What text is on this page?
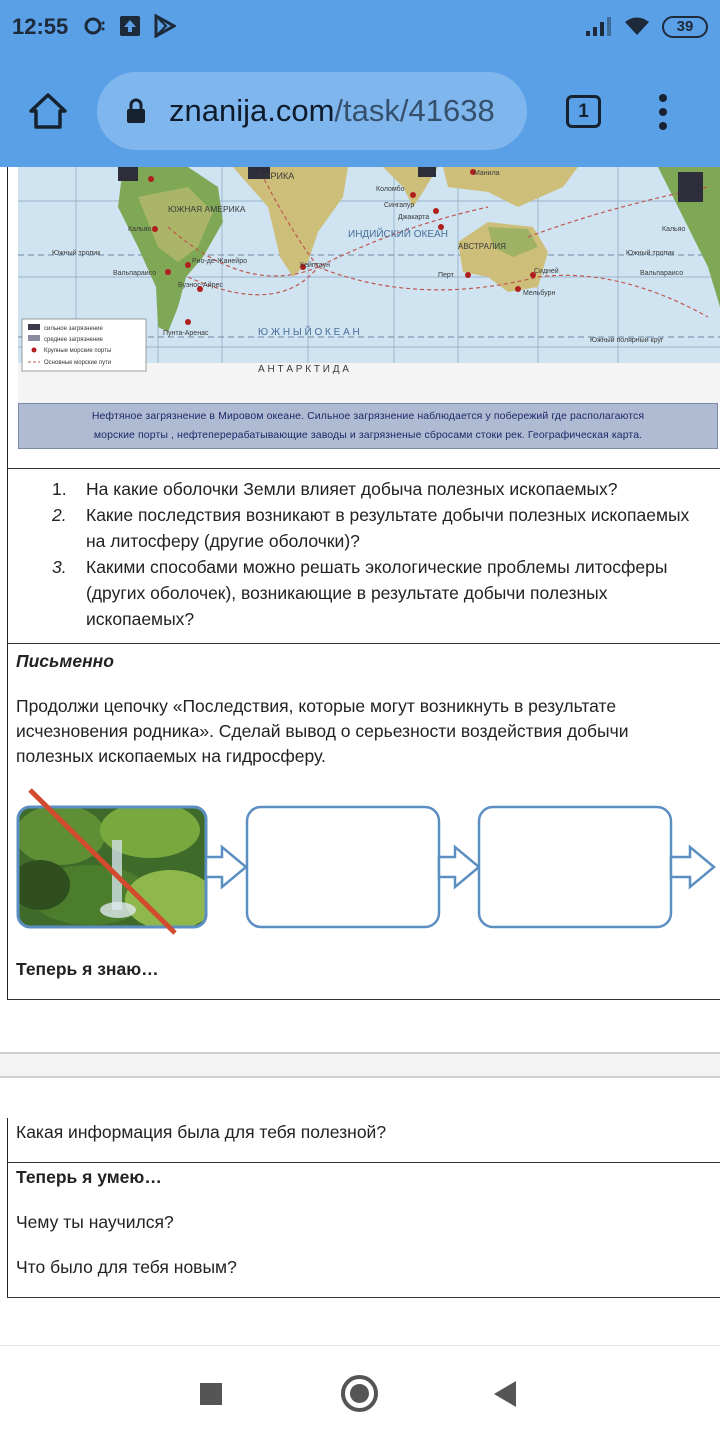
12:55	39
znanija.com/task/41638	1
ЮЖНАЯ АМЕРИКА
АФРИКА
ИНДИЙСКИЙ ОКЕАН
АВСТРАЛИЯ
Ю Ж Н Ы Й О К Е А Н
А Н Т А Р К Т И Д А
Южный тропик	Южный тропик
Южный полярный круг
Кальяо	Кальяо
Вальпараисо	Вальпараисо
Рио-де-Жанейро
Буэнос-Айрес
Пунта-Аренас
Кейптаун
Коломбо
Сингапур
Джакарта
Перт
Сидней
Мельбурн
Манила
сильное загрязнение
среднее загрязнение
Крупные морские порты
Основные морские пути
Нефтяное загрязнение в Мировом океане. Сильное загрязнение наблюдается у побережий где располагаются
морские порты , нефтеперерабатывающие заводы и загрязненые сбросами стоки рек. Географическая карта.
1. На какие оболочки Земли влияет добыча полезных ископаемых?
2. Какие последствия возникают в результате добычи полезных ископаемых на литосферу (другие оболочки)?
3. Какими способами можно решать экологические проблемы литосферы (других оболочек), возникающие в результате добычи полезных ископаемых?
Письменно
Продолжи цепочку «Последствия, которые могут возникнуть в результате исчезновения родника». Сделай вывод о серьезности воздействия добычи полезных ископаемых на гидросферу.
Теперь я знаю…
Какая информация была для тебя полезной?
Теперь я умею…
Чему ты научился?
Что было для тебя новым?
